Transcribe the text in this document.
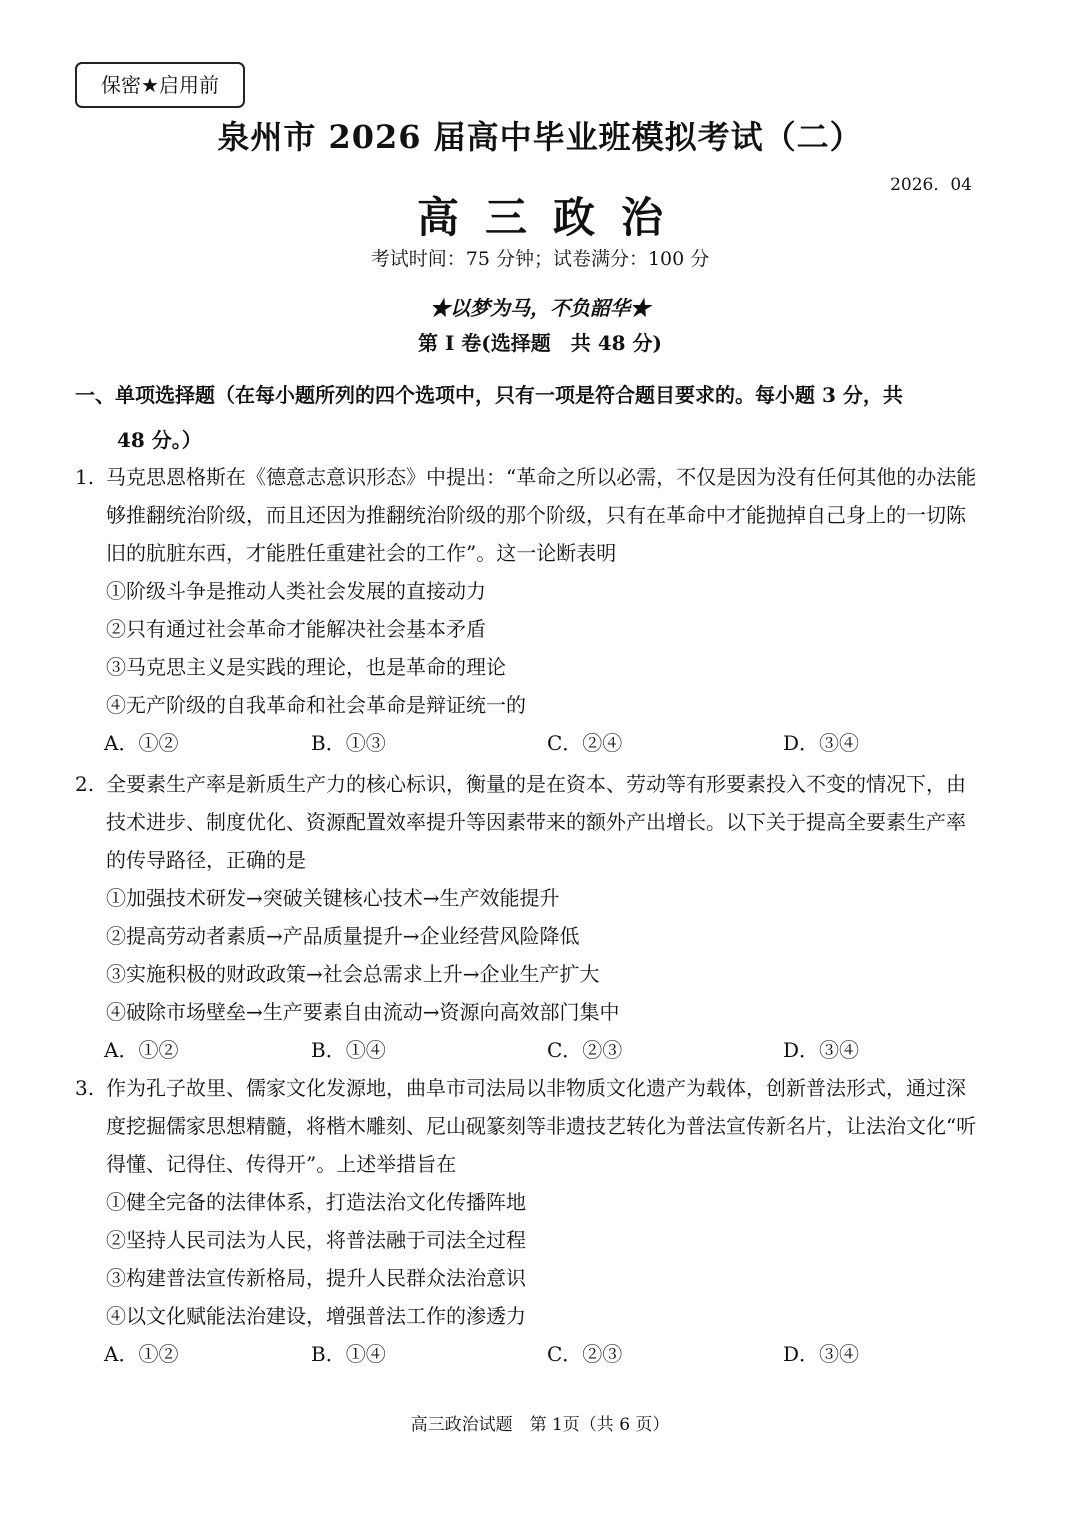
保密★启用前
泉州市 2026 届高中毕业班模拟考试（二）
2026．04
高三政治
考试时间：75 分钟；试卷满分：100 分
★以梦为马，不负韶华★
第 I 卷(选择题　共 48 分)
一、单项选择题（在每小题所列的四个选项中，只有一项是符合题目要求的。每小题 3 分，共
48 分。）
1. 马克思恩格斯在《德意志意识形态》中提出：“革命之所以必需，不仅是因为没有任何其他的办法能够推翻统治阶级，而且还因为推翻统治阶级的那个阶级，只有在革命中才能抛掉自己身上的一切陈旧的肮脏东西，才能胜任重建社会的工作”。这一论断表明
①阶级斗争是推动人类社会发展的直接动力
②只有通过社会革命才能解决社会基本矛盾
③马克思主义是实践的理论，也是革命的理论
④无产阶级的自我革命和社会革命是辩证统一的
A．①②	B．①③	C．②④	D．③④
2. 全要素生产率是新质生产力的核心标识，衡量的是在资本、劳动等有形要素投入不变的情况下，由技术进步、制度优化、资源配置效率提升等因素带来的额外产出增长。以下关于提高全要素生产率的传导路径，正确的是
①加强技术研发→突破关键核心技术→生产效能提升
②提高劳动者素质→产品质量提升→企业经营风险降低
③实施积极的财政政策→社会总需求上升→企业生产扩大
④破除市场壁垒→生产要素自由流动→资源向高效部门集中
A．①②	B．①④	C．②③	D．③④
3. 作为孔子故里、儒家文化发源地，曲阜市司法局以非物质文化遗产为载体，创新普法形式，通过深度挖掘儒家思想精髓，将楷木雕刻、尼山砚篆刻等非遗技艺转化为普法宣传新名片，让法治文化“听得懂、记得住、传得开”。上述举措旨在
①健全完备的法律体系，打造法治文化传播阵地
②坚持人民司法为人民，将普法融于司法全过程
③构建普法宣传新格局，提升人民群众法治意识
④以文化赋能法治建设，增强普法工作的渗透力
A．①②	B．①④	C．②③	D．③④
高三政治试题　第 1页（共 6 页）
